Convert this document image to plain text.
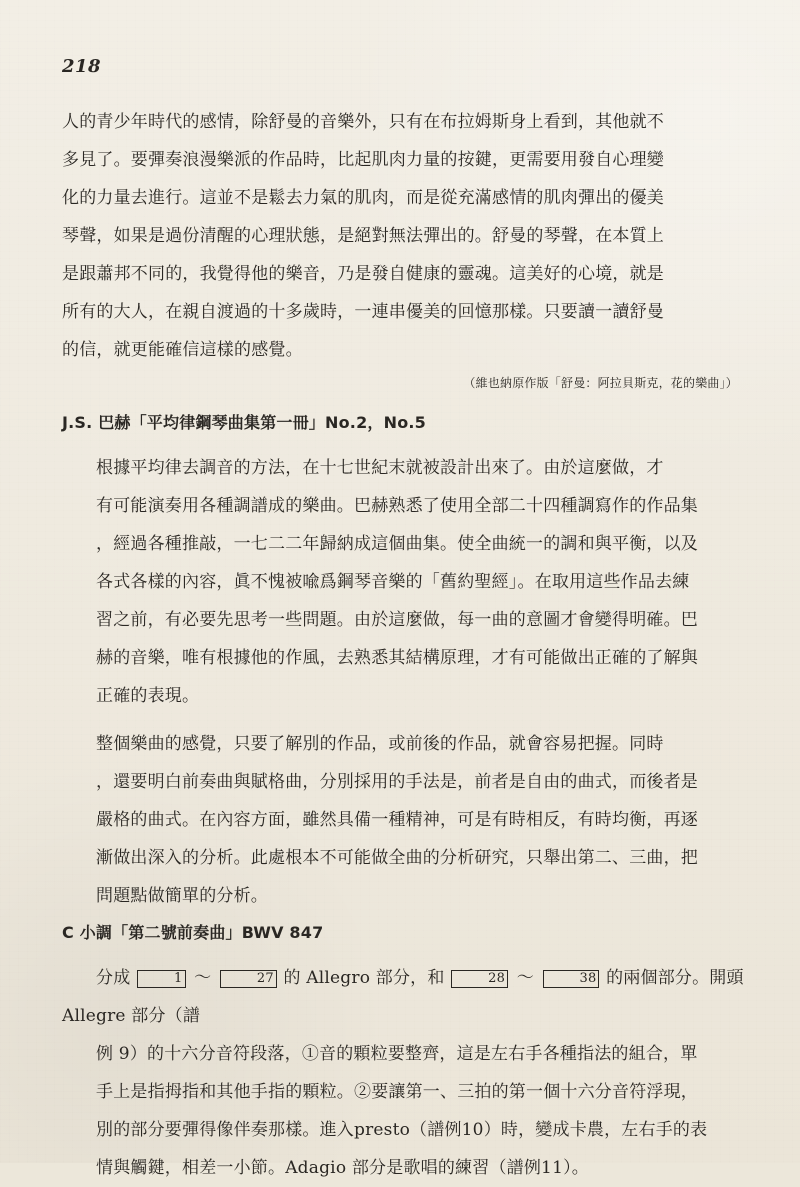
218

人的青少年時代的感情，除舒曼的音樂外，只有在布拉姆斯身上看到，其他就不
多見了。要彈奏浪漫樂派的作品時，比起肌肉力量的按鍵，更需要用發自心理變
化的力量去進行。這並不是鬆去力氣的肌肉，而是從充滿感情的肌肉彈出的優美
琴聲，如果是過份清醒的心理狀態，是絕對無法彈出的。舒曼的琴聲，在本質上
是跟蕭邦不同的，我覺得他的樂音，乃是發自健康的靈魂。這美好的心境，就是
所有的大人，在親自渡過的十多歲時，一連串優美的回憶那樣。只要讀一讀舒曼
的信，就更能確信這樣的感覺。

（維也納原作版「舒曼：阿拉貝斯克，花的樂曲」）
J.S. 巴赫「平均律鋼琴曲集第一冊」No.2，No.5

根據平均律去調音的方法，在十七世紀末就被設計出來了。由於這麼做，才
有可能演奏用各種調譜成的樂曲。巴赫熟悉了使用全部二十四種調寫作的作品集
，經過各種推敲，一七二二年歸納成這個曲集。使全曲統一的調和與平衡，以及
各式各樣的內容，眞不愧被喩爲鋼琴音樂的「舊約聖經」。在取用這些作品去練
習之前，有必要先思考一些問題。由於這麼做，每一曲的意圖才會變得明確。巴
赫的音樂，唯有根據他的作風，去熟悉其結構原理，才有可能做出正確的了解與
正確的表現。

整個樂曲的感覺，只要了解別的作品，或前後的作品，就會容易把握。同時
，還要明白前奏曲與賦格曲，分別採用的手法是，前者是自由的曲式，而後者是
嚴格的曲式。在內容方面，雖然具備一種精神，可是有時相反，有時均衡，再逐
漸做出深入的分析。此處根本不可能做全曲的分析研究，只舉出第二、三曲，把
問題點做簡單的分析。

C 小調「第二號前奏曲」BWV 847

分成	1 ～	27 的 Allegro 部分，和	28 ～	38 的兩個部分。開頭 Allegre 部分（譜
例 9）的十六分音符段落，①音的顆粒要整齊，這是左右手各種指法的組合，單
手上是指拇指和其他手指的顆粒。②要讓第一、三拍的第一個十六分音符浮現，
別的部分要彈得像伴奏那樣。進入presto（譜例10）時，變成卡農，左右手的表
情與觸鍵，相差一小節。Adagio 部分是歌唱的練習（譜例11）。
